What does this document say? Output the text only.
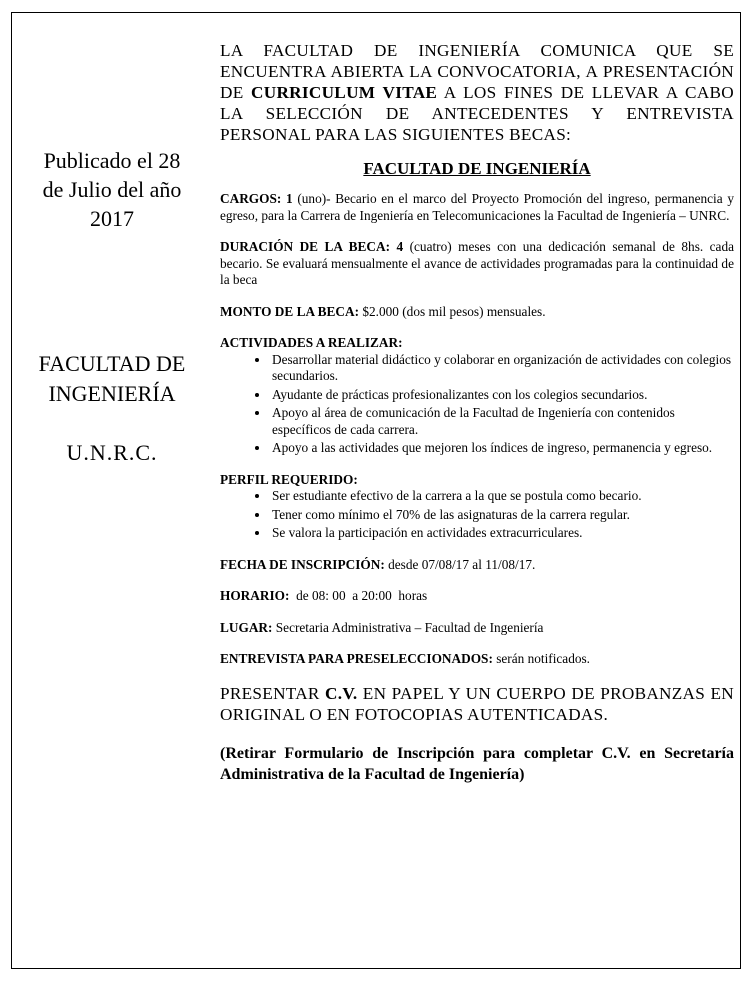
Publicado el 28
de Julio del año
2017
FACULTAD DE
INGENIERÍA
U.N.R.C.

LA FACULTAD DE INGENIERÍA COMUNICA QUE SE ENCUENTRA ABIERTA LA CONVOCATORIA, A PRESENTACIÓN DE CURRICULUM VITAE A LOS FINES DE LLEVAR A CABO LA SELECCIÓN DE ANTECEDENTES Y ENTREVISTA PERSONAL PARA LAS SIGUIENTES BECAS:

FACULTAD DE INGENIERÍA

CARGOS: 1 (uno)- Becario en el marco del Proyecto Promoción del ingreso, permanencia y egreso, para la Carrera de Ingeniería en Telecomunicaciones la Facultad de Ingeniería – UNRC.

DURACIÓN DE LA BECA: 4 (cuatro) meses con una dedicación semanal de 8hs. cada becario. Se evaluará mensualmente el avance de actividades programadas para la continuidad de la beca

MONTO DE LA BECA: $2.000 (dos mil pesos) mensuales.

ACTIVIDADES A REALIZAR:
• Desarrollar material didáctico y colaborar en organización de actividades con colegios secundarios.
• Ayudante de prácticas profesionalizantes con los colegios secundarios.
• Apoyo al área de comunicación de la Facultad de Ingeniería con contenidos específicos de cada carrera.
• Apoyo a las actividades que mejoren los índices de ingreso, permanencia y egreso.
PERFIL REQUERIDO:
• Ser estudiante efectivo de la carrera a la que se postula como becario.
• Tener como mínimo el 70% de las asignaturas de la carrera regular.
• Se valora la participación en actividades extracurriculares.
FECHA DE INSCRIPCIÓN: desde 07/08/17 al 11/08/17.
HORARIO:  de 08: 00  a 20:00  horas
LUGAR: Secretaria Administrativa – Facultad de Ingeniería
ENTREVISTA PARA PRESELECCIONADOS: serán notificados.

PRESENTAR C.V. EN PAPEL Y UN CUERPO DE PROBANZAS EN ORIGINAL O EN FOTOCOPIAS AUTENTICADAS.

(Retirar Formulario de Inscripción para completar C.V. en Secretaría Administrativa de la Facultad de Ingeniería)
